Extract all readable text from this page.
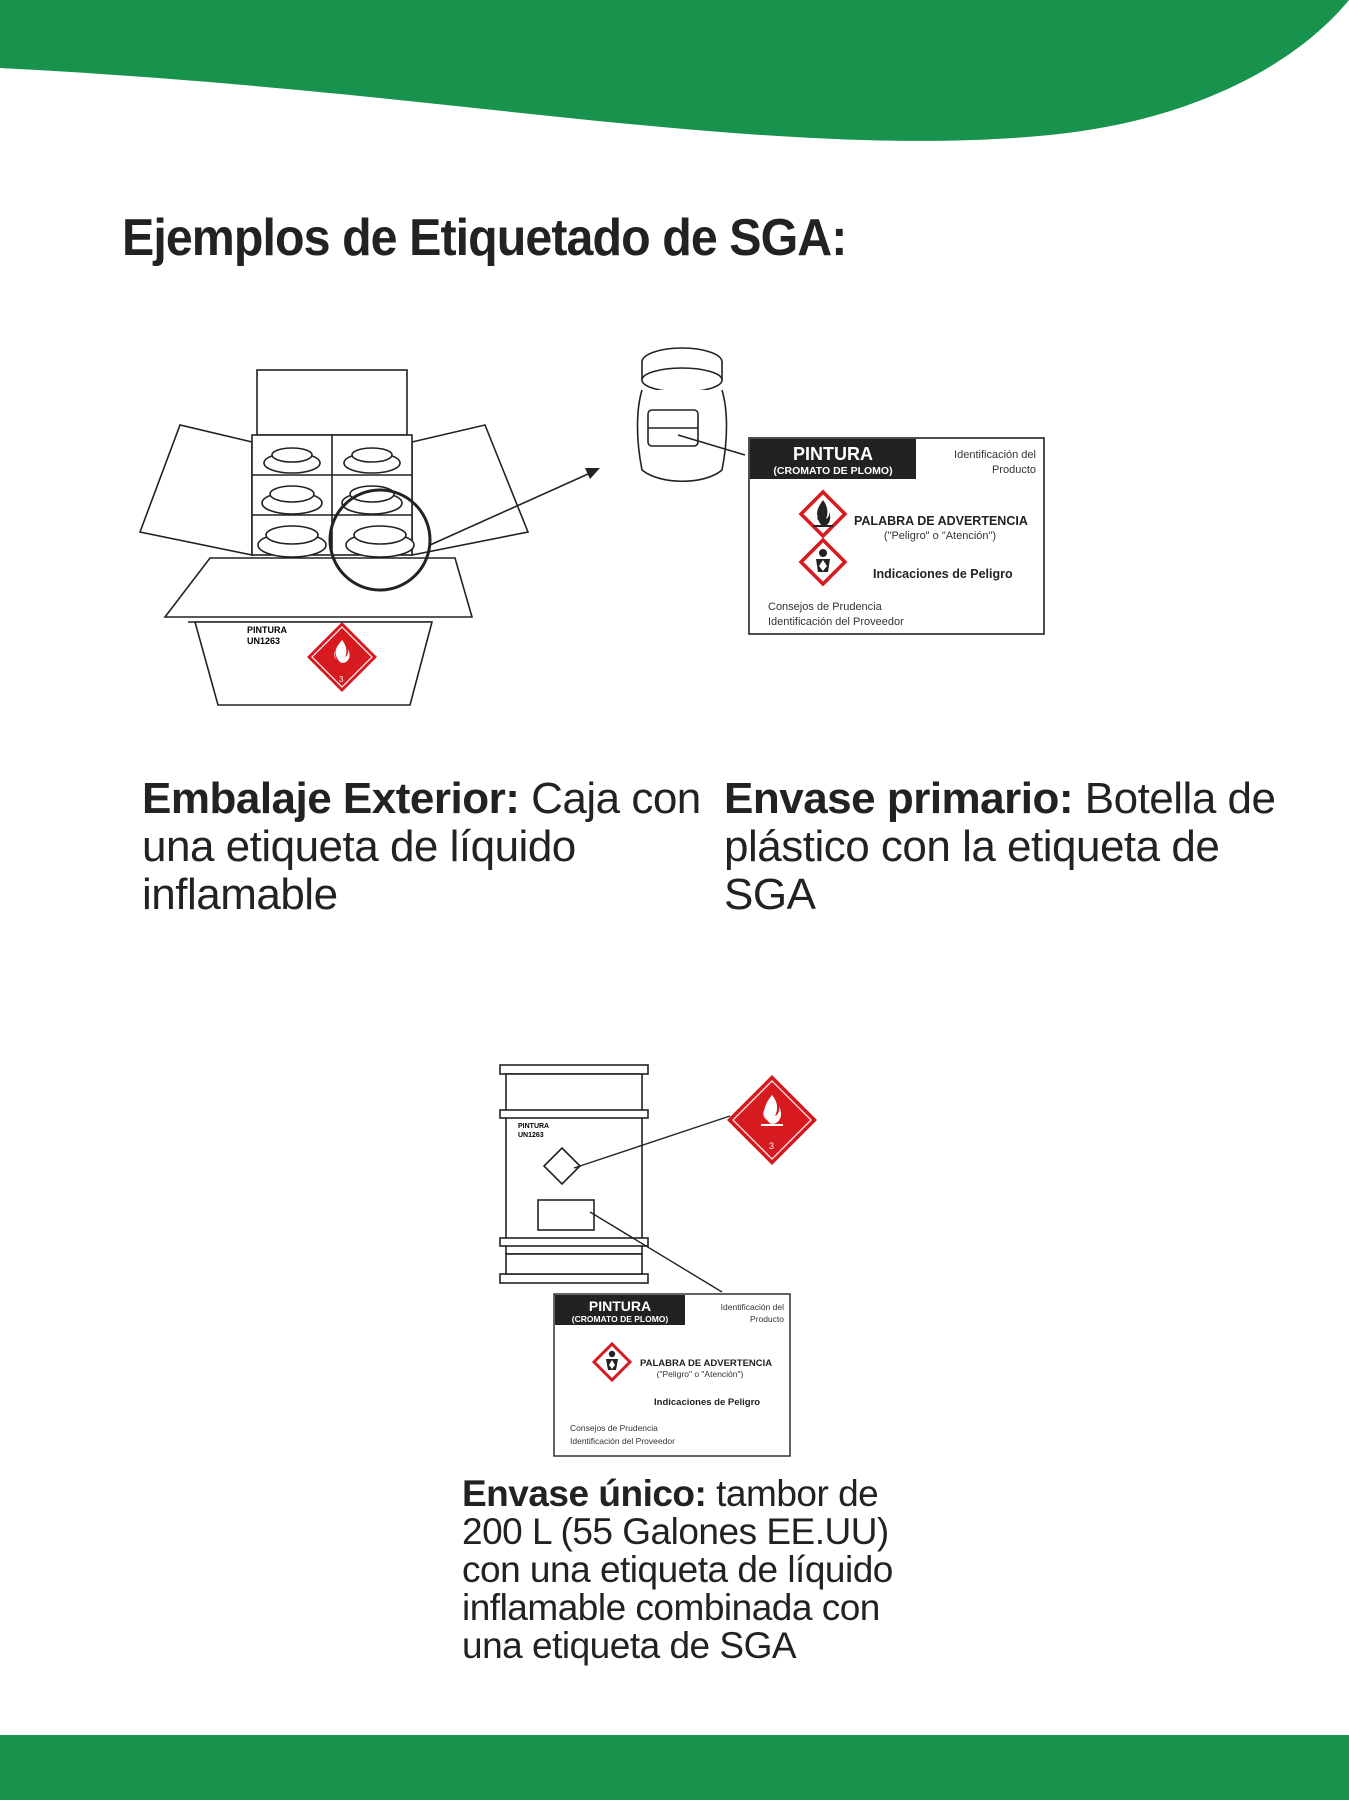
Ejemplos de Etiquetado de SGA:
PINTURA
UN1263
3
PINTURA
(CROMATO DE PLOMO)
Identificación del
Producto
PALABRA DE ADVERTENCIA
("Peligro" o "Atención")
Indicaciones de Peligro
Consejos de Prudencia
Identificación del Proveedor

Embalaje Exterior: Caja con una etiqueta de líquido inflamable

Envase primario: Botella de plástico con la etiqueta de SGA

PINTURA
UN1263
3
PINTURA
(CROMATO DE PLOMO)
Identificación del
Producto
PALABRA DE ADVERTENCIA
("Peligro" o "Atención")
Indicaciones de Peligro
Consejos de Prudencia
Identificación del Proveedor

Envase único: tambor de 200 L (55 Galones EE.UU) con una etiqueta de líquido inflamable combinada con una etiqueta de SGA
